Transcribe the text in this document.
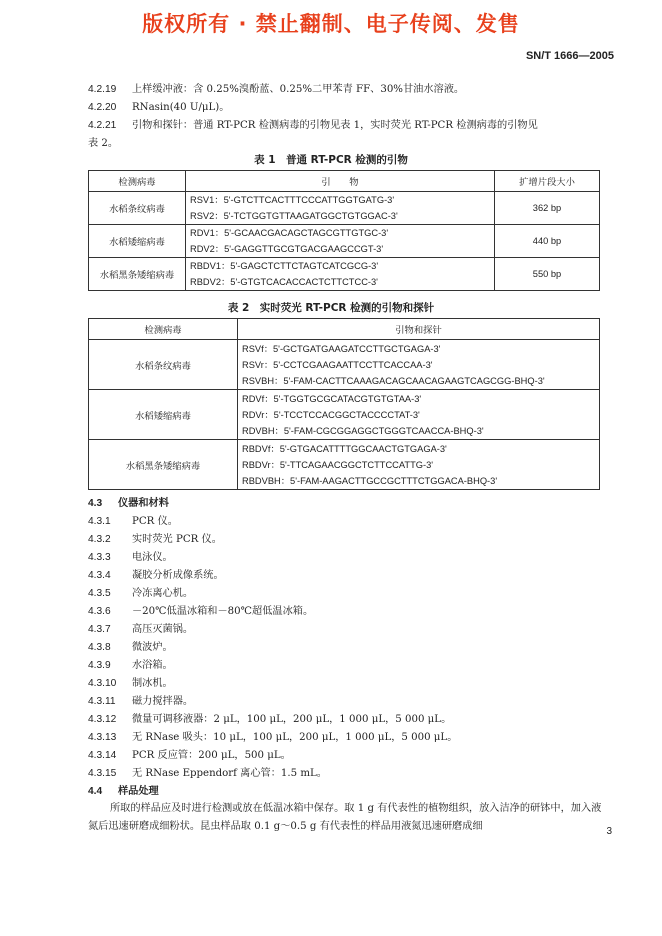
版权所有 · 禁止翻制、电子传阅、发售
SN/T 1666—2005
4.2.19 上样缓冲液：含 0.25%溴酚蓝、0.25%二甲苯青 FF、30%甘油水溶液。
4.2.20 RNasin(40 U/μL)。
4.2.21 引物和探针：普通 RT-PCR 检测病毒的引物见表 1，实时荧光 RT-PCR 检测病毒的引物见
表 2。
表 1　普通 RT-PCR 检测的引物
检测病毒	引　　物	扩增片段大小
水稻条纹病毒	RSV1：5'-GTCTTCACTTTCCCATTGGTGATG-3'
RSV2：5'-TCTGGTGTTAAGATGGCTGTGGAC-3'	362 bp
水稻矮缩病毒	RDV1：5'-GCAACGACAGCTAGCGTTGTGC-3'
RDV2：5'-GAGGTTGCGTGACGAAGCCGT-3'	440 bp
水稻黑条矮缩病毒	RBDV1：5'-GAGCTCTTCTAGTCATCGCG-3'
RBDV2：5'-GTGTCACACCACTCTTCTCC-3'	550 bp
表 2　实时荧光 RT-PCR 检测的引物和探针
检测病毒	引物和探针
水稻条纹病毒	RSVf：5'-GCTGATGAAGATCCTTGCTGAGA-3'
RSVr：5'-CCTCGAAGAATTCCTTCACCAA-3'
RSVBH：5'-FAM-CACTTCAAAGACAGCAACAGAAGTCAGCGG-BHQ-3'

水稻矮缩病毒	RDVf：5'-TGGTGCGCATACGTGTGTAA-3'
RDVr：5'-TCCTCCACGGCTACCCCTAT-3'
RDVBH：5'-FAM-CGCGGAGGCTGGGTCAACCA-BHQ-3'

水稻黑条矮缩病毒	RBDVf：5'-GTGACATTTTGGCAACTGTGAGA-3'
RBDVr：5'-TTCAGAACGGCTCTTCCATTG-3'
RBDVBH：5'-FAM-AAGACTTGCCGCTTTCTGGACA-BHQ-3'
4.3 仪器和材料
4.3.1 PCR 仪。
4.3.2 实时荧光 PCR 仪。
4.3.3 电泳仪。
4.3.4 凝胶分析成像系统。
4.3.5 冷冻离心机。
4.3.6 －20℃低温冰箱和－80℃超低温冰箱。
4.3.7 高压灭菌锅。
4.3.8 微波炉。
4.3.9 水浴箱。
4.3.10 制冰机。
4.3.11 磁力搅拌器。
4.3.12 微量可调移液器：2 μL，100 μL，200 μL，1 000 μL，5 000 μL。
4.3.13 无 RNase 吸头：10 μL，100 μL，200 μL，1 000 μL，5 000 μL。
4.3.14 PCR 反应管：200 μL，500 μL。
4.3.15 无 RNase Eppendorf 离心管：1.5 mL。
4.4 样品处理
所取的样品应及时进行检测或放在低温冰箱中保存。取 1 g 有代表性的植物组织，放入洁净的研钵中，加入液氮后迅速研磨成细粉状。昆虫样品取 0.1 g～0.5 g 有代表性的样品用液氮迅速研磨成细	3
